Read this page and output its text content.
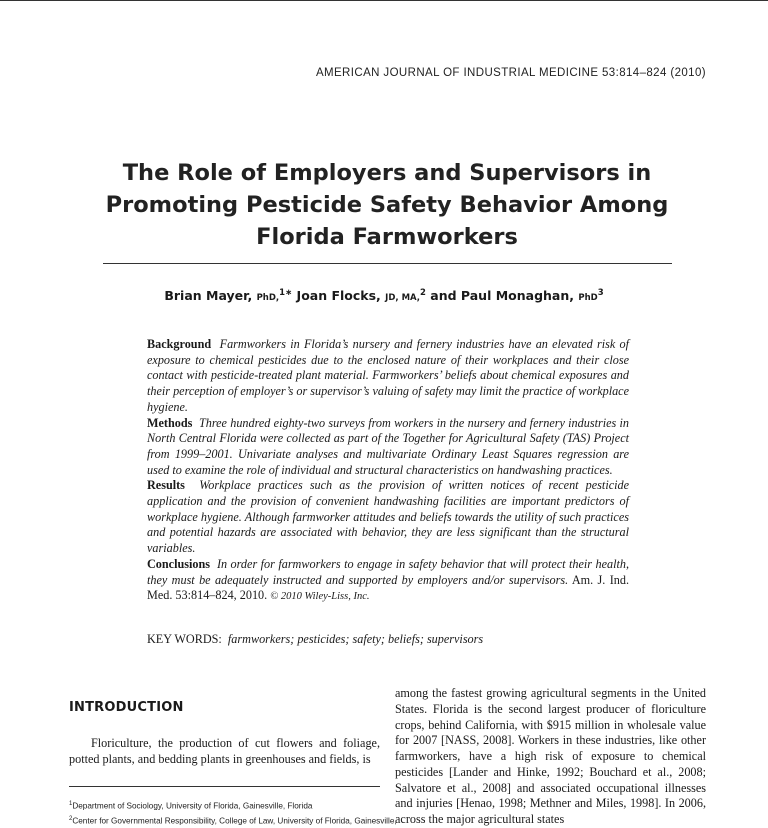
AMERICAN JOURNAL OF INDUSTRIAL MEDICINE 53:814–824 (2010)
The Role of Employers and Supervisors in
Promoting Pesticide Safety Behavior Among
Florida Farmworkers
Brian Mayer, PhD,$^{1∗}$ Joan Flocks, JD, MA,$^2$ and Paul Monaghan, PhD$^3$

Background Farmworkers in Florida’s nursery and fernery industries have an elevated risk of exposure to chemical pesticides due to the enclosed nature of their workplaces and their close contact with pesticide-treated plant material. Farmworkers’ beliefs about chemical exposures and their perception of employer’s or supervisor’s valuing of safety may limit the practice of workplace hygiene.

Methods Three hundred eighty-two surveys from workers in the nursery and fernery industries in North Central Florida were collected as part of the Together for Agricultural Safety (TAS) Project from 1999–2001. Univariate analyses and multivariate Ordinary Least Squares regression are used to examine the role of individual and structural characteristics on handwashing practices.

Results Workplace practices such as the provision of written notices of recent pesticide application and the provision of convenient handwashing facilities are important predictors of workplace hygiene. Although farmworker attitudes and beliefs towards the utility of such practices and potential hazards are associated with behavior, they are less significant than the structural variables.

Conclusions In order for farmworkers to engage in safety behavior that will protect their health, they must be adequately instructed and supported by employers and/or supervisors. Am. J. Ind. Med. 53:814–824, 2010. © 2010 Wiley-Liss, Inc.

KEY WORDS: farmworkers; pesticides; safety; beliefs; supervisors
INTRODUCTION

Floriculture, the production of cut flowers and foliage, potted plants, and bedding plants in greenhouses and fields, is

$^1$Department of Sociology, University of Florida, Gainesville, Florida
$^2$Center for Governmental Responsibility, College of Law, University of Florida, Gainesville,

among the fastest growing agricultural segments in the United States. Florida is the second largest producer of floriculture crops, behind California, with $915 million in wholesale value for 2007 [NASS, 2008]. Workers in these industries, like other farmworkers, have a high risk of exposure to chemical pesticides [Lander and Hinke, 1992; Bouchard et al., 2008; Salvatore et al., 2008] and associated occupational illnesses and injuries [Henao, 1998; Methner and Miles, 1998]. In 2006, across the major agricultural states
